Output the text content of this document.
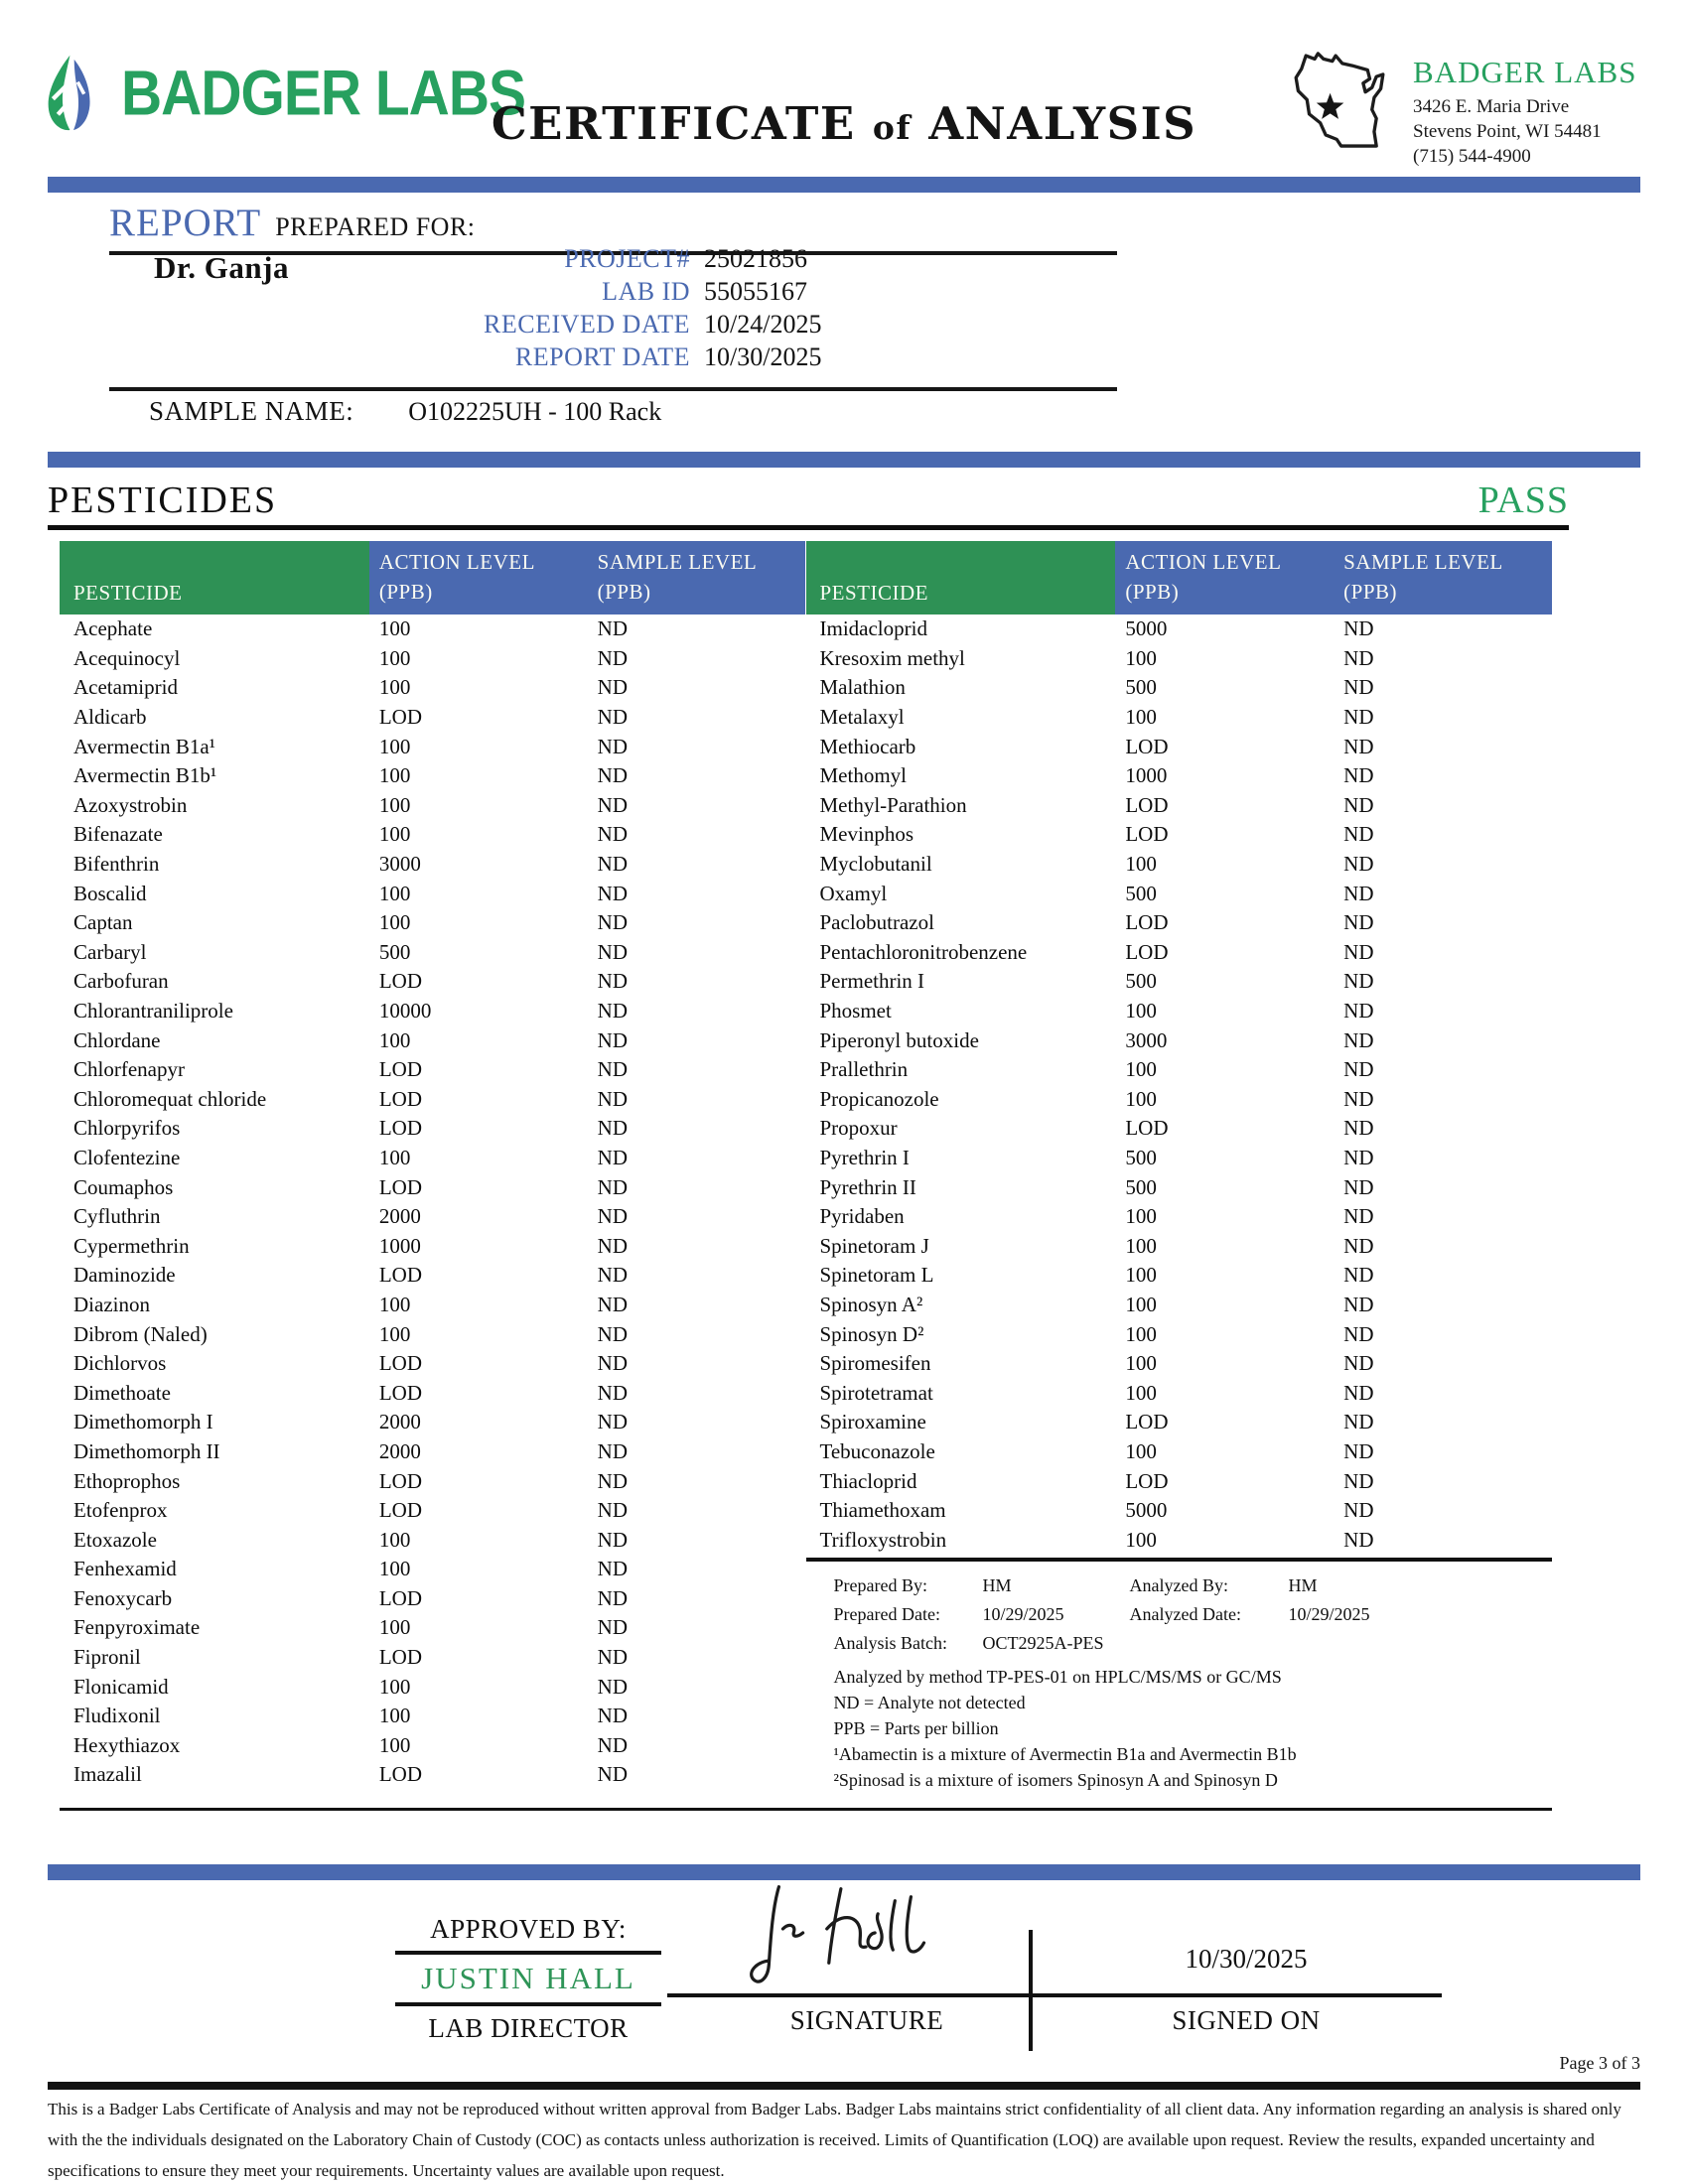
BADGER LABS
CERTIFICATE of ANALYSIS
BADGER LABS
3426 E. Maria Drive
Stevens Point, WI 54481
(715) 544-4900
REPORT PREPARED FOR:
Dr. Ganja	PROJECT# 25021856
LAB ID 55055167
RECEIVED DATE 10/24/2025
REPORT DATE 10/30/2025
SAMPLE NAME: O102225UH - 100 Rack
PESTICIDES	PASS
PESTICIDE
ACTION LEVEL
(PPB)
SAMPLE LEVEL
(PPB)
Acephate	100	ND
Acequinocyl	100	ND
Acetamiprid	100	ND
Aldicarb	LOD	ND
Avermectin B1a¹	100	ND
Avermectin B1b¹	100	ND
Azoxystrobin	100	ND
Bifenazate	100	ND
Bifenthrin	3000	ND
Boscalid	100	ND
Captan	100	ND
Carbaryl	500	ND
Carbofuran	LOD	ND
Chlorantraniliprole	10000	ND
Chlordane	100	ND
Chlorfenapyr	LOD	ND
Chloromequat chloride	LOD	ND
Chlorpyrifos	LOD	ND
Clofentezine	100	ND
Coumaphos	LOD	ND
Cyfluthrin	2000	ND
Cypermethrin	1000	ND
Daminozide	LOD	ND
Diazinon	100	ND
Dibrom (Naled)	100	ND
Dichlorvos	LOD	ND
Dimethoate	LOD	ND
Dimethomorph I	2000	ND
Dimethomorph II	2000	ND
Ethoprophos	LOD	ND
Etofenprox	LOD	ND
Etoxazole	100	ND
Fenhexamid	100	ND
Fenoxycarb	LOD	ND
Fenpyroximate	100	ND
Fipronil	LOD	ND
Flonicamid	100	ND
Fludixonil	100	ND
Hexythiazox	100	ND
Imazalil	LOD	ND
PESTICIDE
ACTION LEVEL
(PPB)
SAMPLE LEVEL
(PPB)
Imidacloprid	5000	ND
Kresoxim methyl	100	ND
Malathion	500	ND
Metalaxyl	100	ND
Methiocarb	LOD	ND
Methomyl	1000	ND
Methyl-Parathion	LOD	ND
Mevinphos	LOD	ND
Myclobutanil	100	ND
Oxamyl	500	ND
Paclobutrazol	LOD	ND
Pentachloronitrobenzene	LOD	ND
Permethrin I	500	ND
Phosmet	100	ND
Piperonyl butoxide	3000	ND
Prallethrin	100	ND
Propicanozole	100	ND
Propoxur	LOD	ND
Pyrethrin I	500	ND
Pyrethrin II	500	ND
Pyridaben	100	ND
Spinetoram J	100	ND
Spinetoram L	100	ND
Spinosyn A²	100	ND
Spinosyn D²	100	ND
Spiromesifen	100	ND
Spirotetramat	100	ND
Spiroxamine	LOD	ND
Tebuconazole	100	ND
Thiacloprid	LOD	ND
Thiamethoxam	5000	ND
Trifloxystrobin	100	ND
Prepared By:	HM	Analyzed By:	HM
Prepared Date:	10/29/2025	Analyzed Date:	10/29/2025
Analysis Batch:	OCT2925A-PES
Analyzed by method TP-PES-01 on HPLC/MS/MS or GC/MS
ND = Analyte not detected
PPB = Parts per billion
¹Abamectin is a mixture of Avermectin B1a and Avermectin B1b
²Spinosad is a mixture of isomers Spinosyn A and Spinosyn D
APPROVED BY:
JUSTIN HALL
LAB DIRECTOR	SIGNATURE
10/30/2025
SIGNED ON
Page 3 of 3
This is a Badger Labs Certificate of Analysis and may not be reproduced without written approval from Badger Labs. Badger Labs maintains strict confidentiality of all client data. Any information regarding an analysis is shared only with the the individuals designated on the Laboratory Chain of Custody (COC) as contacts unless authorization is received. Limits of Quantification (LOQ) are available upon request. Review the results, expanded uncertainty and specifications to ensure they meet your requirements. Uncertainty values are available upon request.
